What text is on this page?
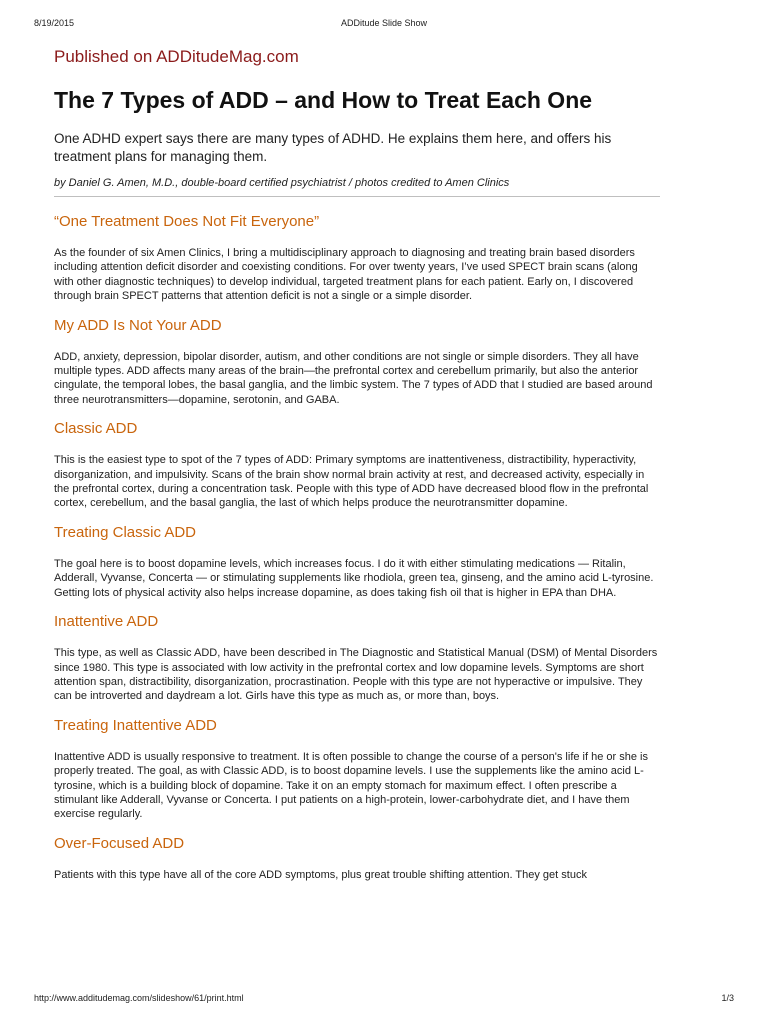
8/19/2015	ADDitude Slide Show
Published on ADDitudeMag.com
The 7 Types of ADD – and How to Treat Each One

One ADHD expert says there are many types of ADHD. He explains them here, and offers his treatment plans for managing them.

by Daniel G. Amen, M.D., double-board certified psychiatrist / photos credited to Amen Clinics

“One Treatment Does Not Fit Everyone”

As the founder of six Amen Clinics, I bring a multidisciplinary approach to diagnosing and treating brain based disorders including attention deficit disorder and coexisting conditions. For over twenty years, I’ve used SPECT brain scans (along with other diagnostic techniques) to develop individual, targeted treatment plans for each patient. Early on, I discovered through brain SPECT patterns that attention deficit is not a single or a simple disorder.

My ADD Is Not Your ADD

ADD, anxiety, depression, bipolar disorder, autism, and other conditions are not single or simple disorders. They all have multiple types. ADD affects many areas of the brain—the prefrontal cortex and cerebellum primarily, but also the anterior cingulate, the temporal lobes, the basal ganglia, and the limbic system. The 7 types of ADD that I studied are based around three neurotransmitters—dopamine, serotonin, and GABA.

Classic ADD

This is the easiest type to spot of the 7 types of ADD: Primary symptoms are inattentiveness, distractibility, hyperactivity, disorganization, and impulsivity. Scans of the brain show normal brain activity at rest, and decreased activity, especially in the prefrontal cortex, during a concentration task. People with this type of ADD have decreased blood flow in the prefrontal cortex, cerebellum, and the basal ganglia, the last of which helps produce the neurotransmitter dopamine.

Treating Classic ADD

The goal here is to boost dopamine levels, which increases focus. I do it with either stimulating medications — Ritalin, Adderall, Vyvanse, Concerta — or stimulating supplements like rhodiola, green tea, ginseng, and the amino acid L-tyrosine. Getting lots of physical activity also helps increase dopamine, as does taking fish oil that is higher in EPA than DHA.

Inattentive ADD

This type, as well as Classic ADD, have been described in The Diagnostic and Statistical Manual (DSM) of Mental Disorders since 1980. This type is associated with low activity in the prefrontal cortex and low dopamine levels. Symptoms are short attention span, distractibility, disorganization, procrastination. People with this type are not hyperactive or impulsive. They can be introverted and daydream a lot. Girls have this type as much as, or more than, boys.

Treating Inattentive ADD

Inattentive ADD is usually responsive to treatment. It is often possible to change the course of a person's life if he or she is properly treated. The goal, as with Classic ADD, is to boost dopamine levels. I use the supplements like the amino acid L-tyrosine, which is a building block of dopamine. Take it on an empty stomach for maximum effect. I often prescribe a stimulant like Adderall, Vyvanse or Concerta. I put patients on a high-protein, lower-carbohydrate diet, and I have them exercise regularly.

Over-Focused ADD

Patients with this type have all of the core ADD symptoms, plus great trouble shifting attention. They get stuck

http://www.additudemag.com/slideshow/61/print.html	1/3
